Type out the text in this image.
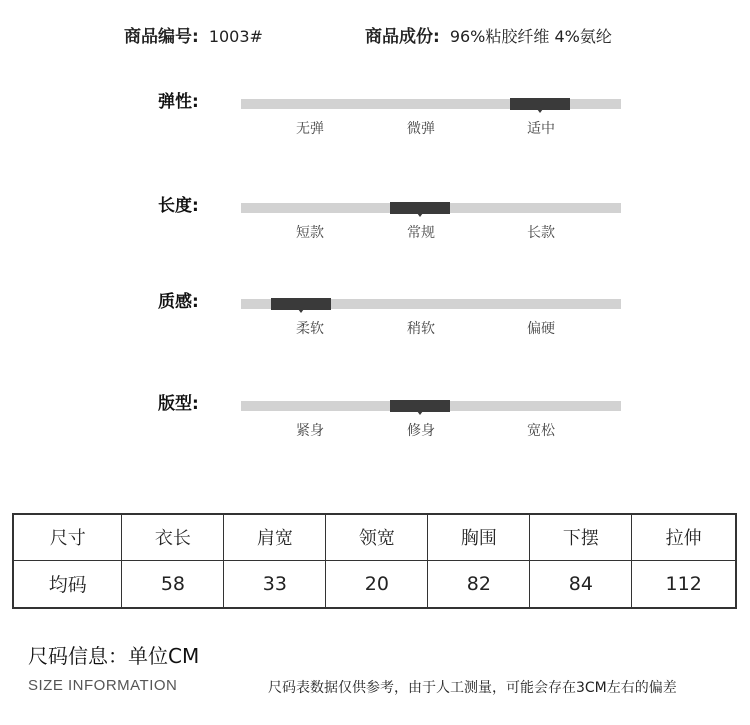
商品编号: 1003#	商品成份: 96%粘胶纤维 4%氨纶
弹性:
无弹	微弹	适中
长度:
短款	常规	长款
质感:
柔软	稍软	偏硬
版型:
紧身	修身	宽松
尺寸	衣长	肩宽	领宽	胸围	下摆	拉伸
均码	58	33	20	82	84	112
尺码信息：单位CM
SIZE INFORMATION	尺码表数据仅供参考，由于人工测量，可能会存在3CM左右的偏差
